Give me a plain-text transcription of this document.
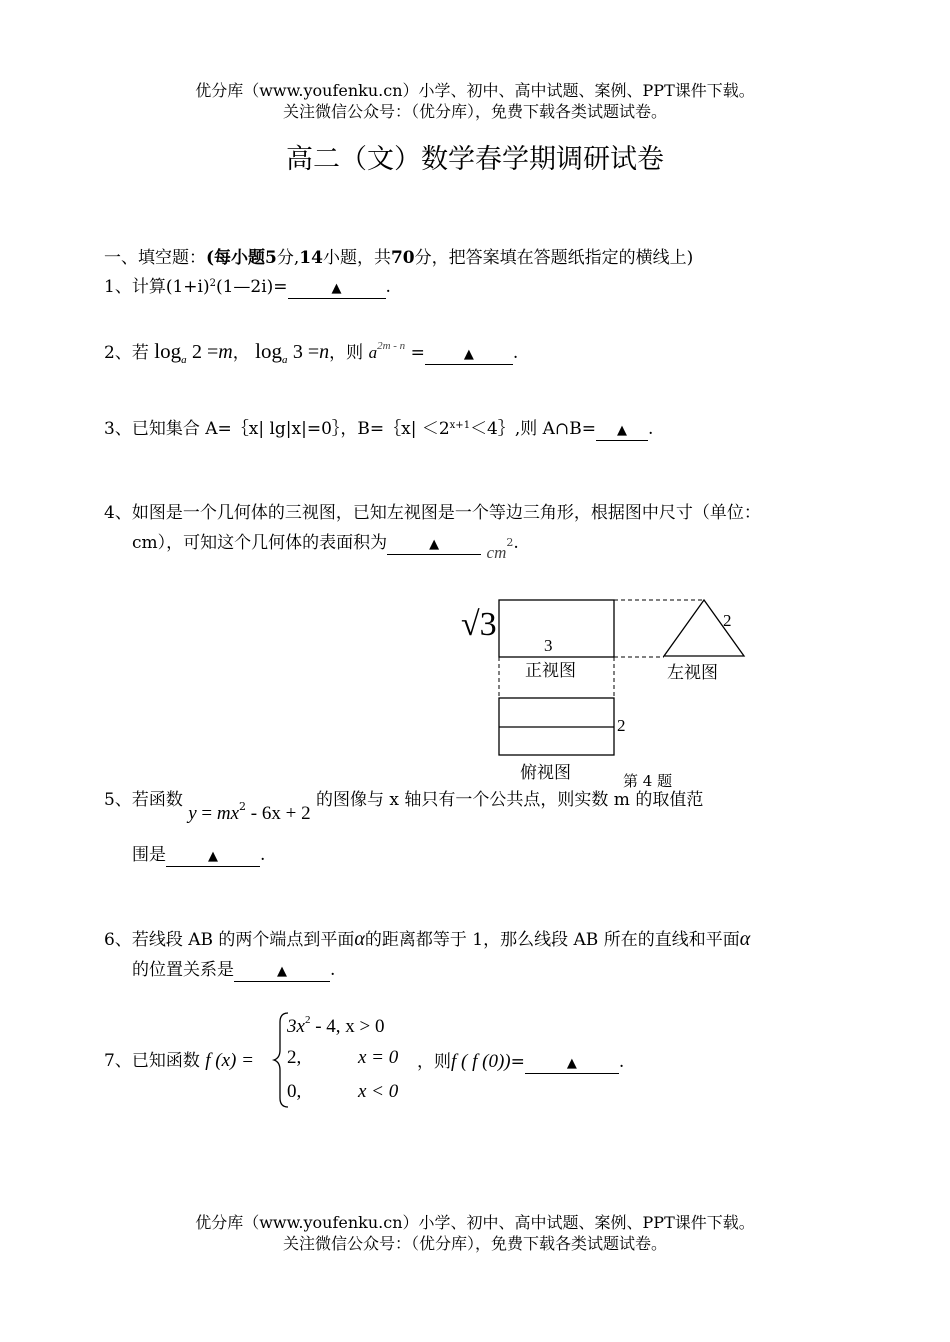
优分库（www.youfenku.cn）小学、初中、高中试题、案例、PPT课件下载。
关注微信公众号：（优分库），免费下载各类试题试卷。
高二（文）数学春学期调研试卷
一、填空题：(每小题5分,14小题，共70分，把答案填在答题纸指定的横线上)
1、计算$(1+i)^2(1—2i)=$	▲	.
2、若 $\log_a 2 =m$， $\log_a 3 =n$，则 $a^{2m - n}$ =	▲ .
3、已知集合 A=｛x| lg|x|=0｝，B=｛x| $<2^{x+1}<4\}$,则 A∩B= ▲ .
4、如图是一个几何体的三视图，已知左视图是一个等边三角形，根据图中尺寸（单位：
cm），可知这个几何体的表面积为	▲	cm2.
√3
3
正视图
2
左视图
2
俯视图	第 4 题
5、若函数 $y = mx^2 - 6x + 2$ 的图像与 x 轴只有一个公共点，则实数 m 的取值范
围是	▲ .
6、若线段 AB 的两个端点到平面α的距离都等于 1，那么线段 AB 所在的直线和平面α
的位置关系是	▲	.
7、已知函数 f (x) =
$3x^2 - 4$, x > 0
2,	x = 0 ，则f ( f (0))=	▲ .
0,	x < 0
优分库（www.youfenku.cn）小学、初中、高中试题、案例、PPT课件下载。
关注微信公众号：（优分库），免费下载各类试题试卷。
